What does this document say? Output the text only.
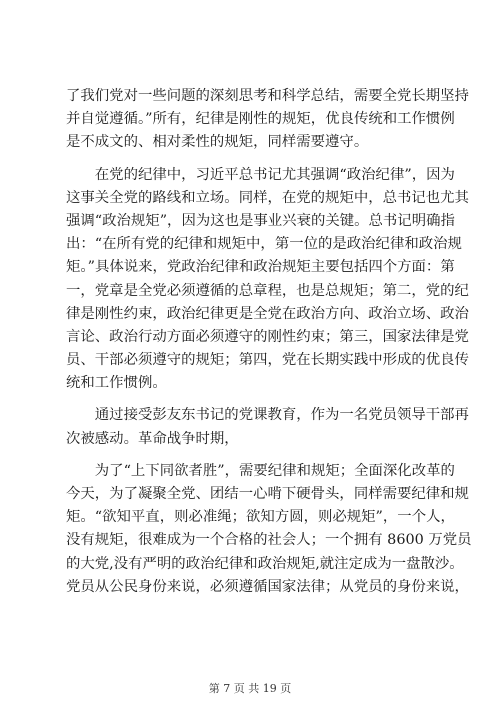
了我们党对一些问题的深刻思考和科学总结，需要全党长期坚持
并自觉遵循。”所有，纪律是刚性的规矩，优良传统和工作惯例
是不成文的、相对柔性的规矩，同样需要遵守。
　　在党的纪律中，习近平总书记尤其强调“政治纪律”，因为
这事关全党的路线和立场。同样，在党的规矩中，总书记也尤其
强调“政治规矩”，因为这也是事业兴衰的关键。总书记明确指
出：“在所有党的纪律和规矩中，第一位的是政治纪律和政治规
矩。”具体说来，党政治纪律和政治规矩主要包括四个方面：第
一，党章是全党必须遵循的总章程，也是总规矩；第二，党的纪
律是刚性约束，政治纪律更是全党在政治方向、政治立场、政治
言论、政治行动方面必须遵守的刚性约束；第三，国家法律是党
员、干部必须遵守的规矩；第四，党在长期实践中形成的优良传
统和工作惯例。
　　通过接受彭友东书记的党课教育，作为一名党员领导干部再
次被感动。革命战争时期，
　　为了“上下同欲者胜”，需要纪律和规矩；全面深化改革的
今天，为了凝聚全党、团结一心啃下硬骨头，同样需要纪律和规
矩。“欲知平直，则必准绳；欲知方圆，则必规矩”，一个人，
没有规矩，很难成为一个合格的社会人；一个拥有 8600 万党员
的大党,没有严明的政治纪律和政治规矩,就注定成为一盘散沙。
党员从公民身份来说，必须遵循国家法律；从党员的身份来说，
第 7 页 共 19 页
